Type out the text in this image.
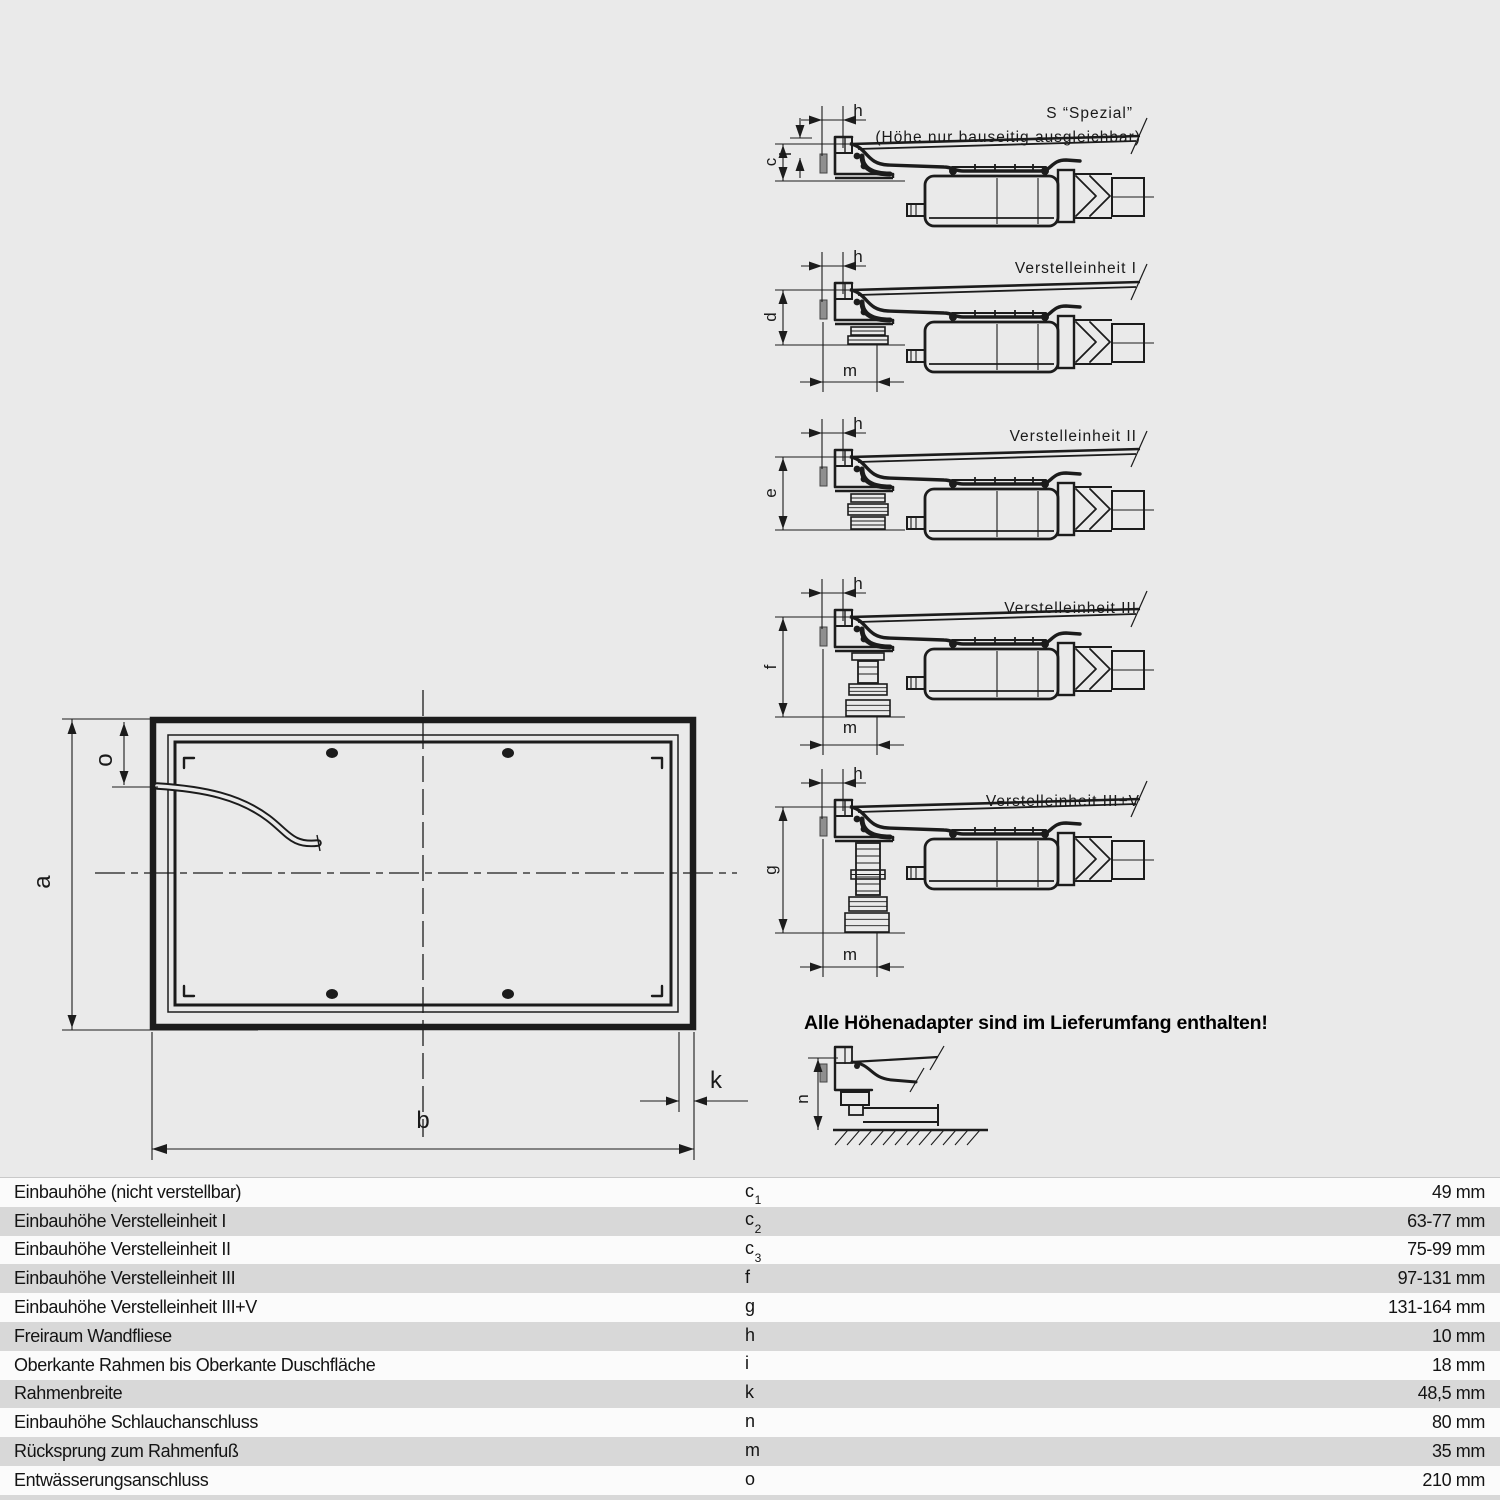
S “Spezial”
(Höhe nur bauseitig ausgleichbar)
h
c
i
Verstelleinheit I
h
d
m
Verstelleinheit II
h
e
Verstelleinheit III
h
f
m
Verstelleinheit III+V
h
g
m
n
a
o
b
k
Alle Höhenadapter sind im Lieferumfang enthalten!
Einbauhöhe (nicht verstellbar)	$c_1$	49 mm
Einbauhöhe Verstelleinheit I	$c_2$	63-77 mm
Einbauhöhe Verstelleinheit II	$c_3$	75-99 mm
Einbauhöhe Verstelleinheit III	f	97-131 mm
Einbauhöhe Verstelleinheit III+V	g	131-164 mm
Freiraum Wandfliese	h	10 mm
Oberkante Rahmen bis Oberkante Duschfläche	i	18 mm
Rahmenbreite	k	48,5 mm
Einbauhöhe Schlauchanschluss	n	80 mm
Rücksprung zum Rahmenfuß	m	35 mm
Entwässerungsanschluss	o	210 mm
